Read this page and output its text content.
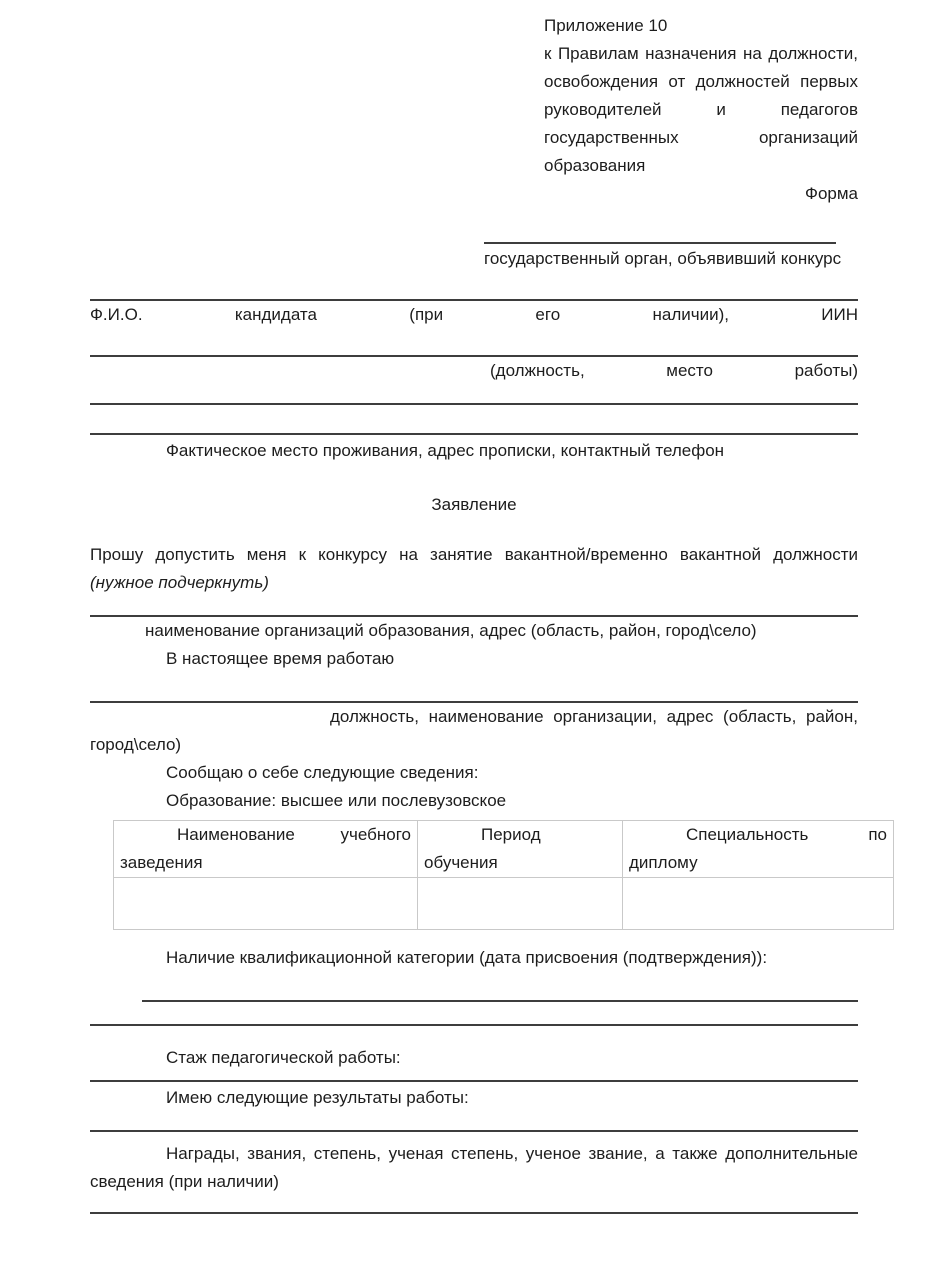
Приложение 10
к Правилам назначения на должности, освобождения от должностей первых руководителей и педагогов государственных организаций образования
Форма
государственный орган, объявивший конкурс
Ф.И.О. кандидата (при его наличии), ИИН
(должность, место работы)
Фактическое место проживания, адрес прописки, контактный телефон
Заявление
Прошу допустить меня к конкурсу на занятие вакантной/временно вакантной должности
(нужное подчеркнуть)
наименование организаций образования, адрес (область, район, город\село)
В настоящее время работаю
должность, наименование организации, адрес (область, район, город\село)
Сообщаю о себе следующие сведения:
Образование: высшее или послевузовское
Наименование учебного заведения	Период обучения	Специальность по диплому

Наличие квалификационной категории (дата присвоения (подтверждения)):
Стаж педагогической работы:
Имею следующие результаты работы:
Награды, звания, степень, ученая степень, ученое звание, а также дополнительные сведения (при наличии)
